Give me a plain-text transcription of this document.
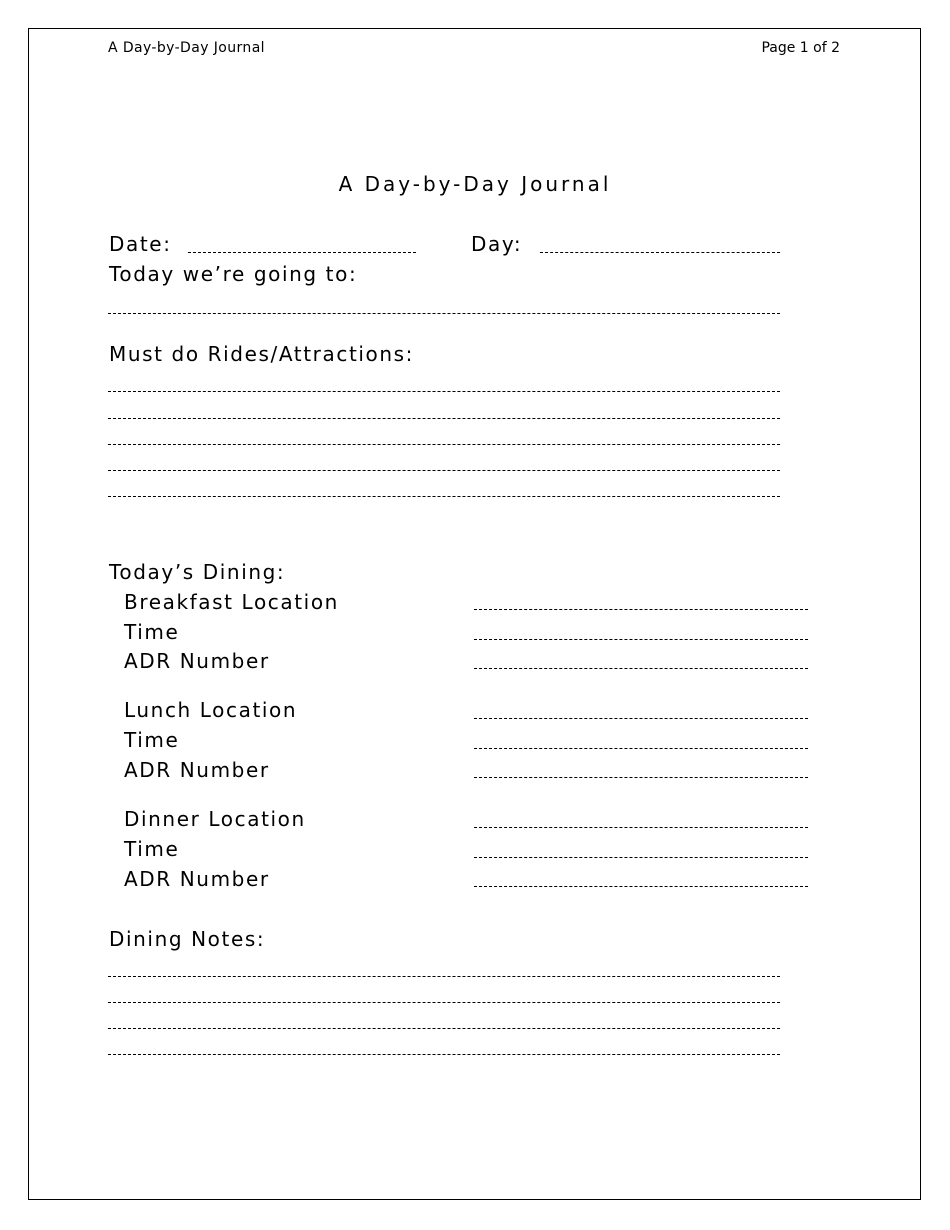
A Day-by-Day Journal	Page 1 of 2
A Day-by-Day Journal
Date:	Day:
Today we’re going to:
Must do Rides/Attractions:
Today’s Dining:
Breakfast Location
Time
ADR Number
Lunch Location
Time
ADR Number
Dinner Location
Time
ADR Number
Dining Notes:
